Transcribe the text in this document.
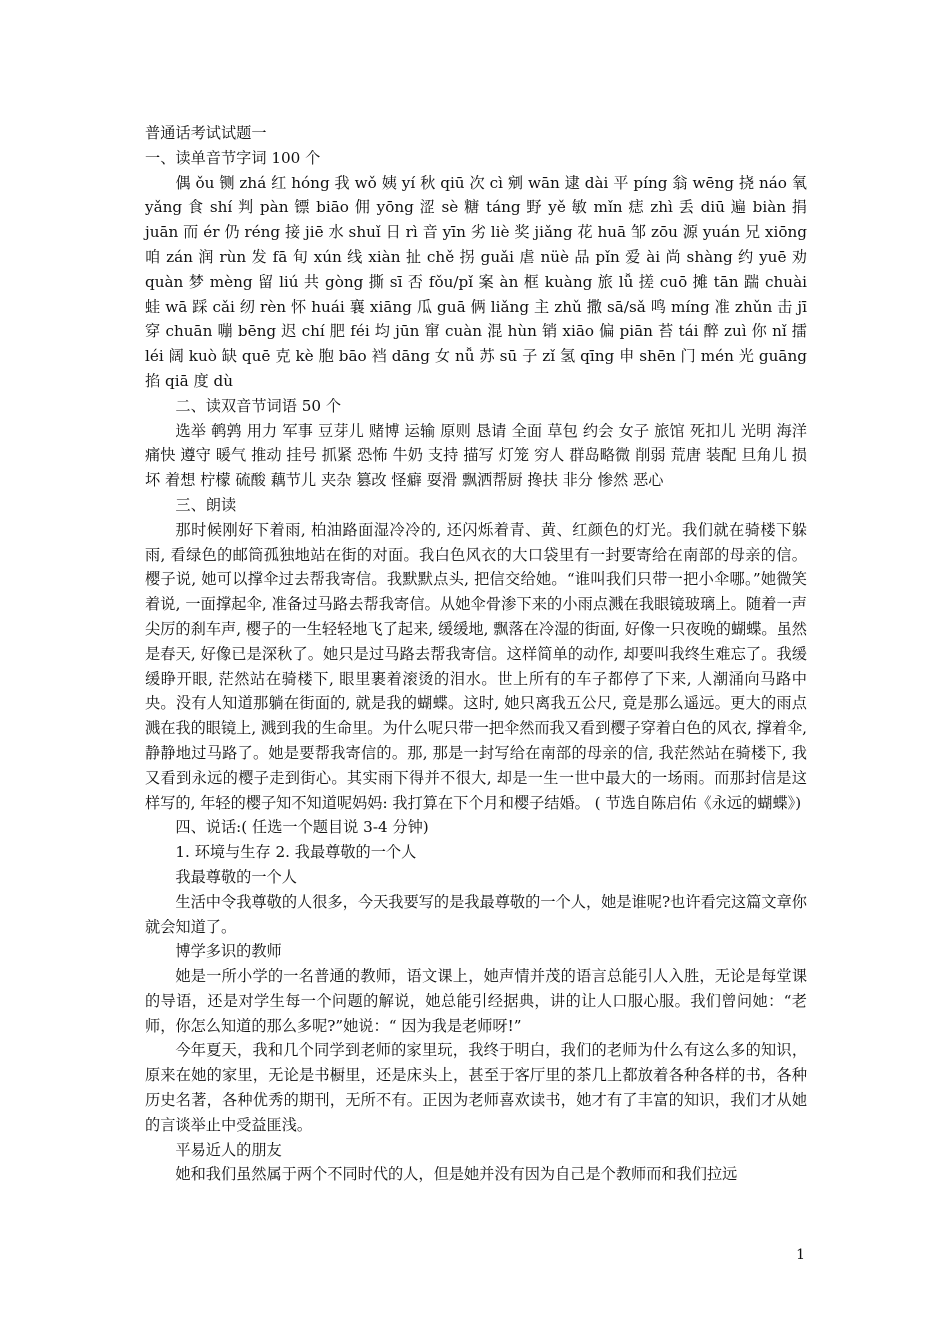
普通话考试试题一

一、读单音节字词 100 个

偶 ǒu 铡 zhá 红 hóng 我 wǒ 姨 yí 秋 qiū 次 cì 剜 wān 逮 dài 平 píng 翁 wēng 挠 náo 氧 yǎng 食 shí 判 pàn 镖 biāo 佣 yōng 涩 sè 糖 táng 野 yě 敏 mǐn 痣 zhì 丢 diū 遍 biàn 捐 juān 而 ér 仍 réng 接 jiē 水 shuǐ 日 rì 音 yīn 劣 liè 奖 jiǎng 花 huā 邹 zōu 源 yuán 兄 xiōng 咱 zán 润 rùn 发 fā 旬 xún 线 xiàn 扯 chě 拐 guǎi 虐 nüè 品 pǐn 爱 ài 尚 shàng 约 yuē 劝 quàn 梦 mèng 留 liú 共 gòng 撕 sī 否 fǒu/pǐ 案 àn 框 kuàng 旅 lǚ 搓 cuō 摊 tān 踹 chuài 蛙 wā 踩 cǎi 纫 rèn 怀 huái 襄 xiāng 瓜 guā 俩 liǎng 主 zhǔ 撒 sā/sǎ 鸣 míng 准 zhǔn 击 jī 穿 chuān 嘣 bēng 迟 chí 肥 féi 均 jūn 窜 cuàn 混 hùn 销 xiāo 偏 piān 苔 tái 醉 zuì 你 nǐ 擂 léi 阔 kuò 缺 quē 克 kè 胞 bāo 裆 dāng 女 nǚ 苏 sū 子 zǐ 氢 qīng 申 shēn 门 mén 光 guāng 掐 qiā 度 dù

二、读双音节词语 50 个

选举 鹌鹑 用力 军事 豆芽儿 赌博 运输 原则 恳请 全面 草包 约会 女子 旅馆 死扣儿 光明 海洋 痛快 遵守 暖气 推动 挂号 抓紧 恐怖 牛奶 支持 描写 灯笼 穷人 群岛略微 削弱 荒唐 装配 旦角儿 损坏 着想 柠檬 硫酸 藕节儿 夹杂 篡改 怪癖 耍滑 飘洒帮厨 搀扶 非分 惨然 恶心

三、朗读

那时候刚好下着雨, 柏油路面湿冷冷的, 还闪烁着青、黄、红颜色的灯光。我们就在骑楼下躲雨, 看绿色的邮筒孤独地站在街的对面。我白色风衣的大口袋里有一封要寄给在南部的母亲的信。樱子说, 她可以撑伞过去帮我寄信。我默默点头, 把信交给她。“谁叫我们只带一把小伞哪。”她微笑着说, 一面撑起伞, 准备过马路去帮我寄信。从她伞骨渗下来的小雨点溅在我眼镜玻璃上。随着一声尖厉的刹车声, 樱子的一生轻轻地飞了起来, 缓缓地, 飘落在冷湿的街面, 好像一只夜晚的蝴蝶。虽然是春天, 好像已是深秋了。她只是过马路去帮我寄信。这样简单的动作, 却要叫我终生难忘了。我缓缓睁开眼, 茫然站在骑楼下, 眼里裹着滚烫的泪水。世上所有的车子都停了下来, 人潮涌向马路中央。没有人知道那躺在街面的, 就是我的蝴蝶。这时, 她只离我五公尺, 竟是那么遥远。更大的雨点溅在我的眼镜上, 溅到我的生命里。为什么呢只带一把伞然而我又看到樱子穿着白色的风衣, 撑着伞, 静静地过马路了。她是要帮我寄信的。那, 那是一封写给在南部的母亲的信, 我茫然站在骑楼下, 我又看到永远的樱子走到街心。其实雨下得并不很大, 却是一生一世中最大的一场雨。而那封信是这样写的, 年轻的樱子知不知道呢妈妈: 我打算在下个月和樱子结婚。 ( 节选自陈启佑《永远的蝴蝶》)

四、说话:( 任选一个题目说 3-4 分钟)

1. 环境与生存 2. 我最尊敬的一个人

我最尊敬的一个人

生活中令我尊敬的人很多，今天我要写的是我最尊敬的一个人，她是谁呢?也许看完这篇文章你就会知道了。

博学多识的教师

她是一所小学的一名普通的教师，语文课上，她声情并茂的语言总能引人入胜，无论是每堂课的导语，还是对学生每一个问题的解说，她总能引经据典，讲的让人口服心服。我们曾问她：“老师，你怎么知道的那么多呢?”她说：“ 因为我是老师呀!”

今年夏天，我和几个同学到老师的家里玩，我终于明白，我们的老师为什么有这么多的知识，原来在她的家里，无论是书橱里，还是床头上，甚至于客厅里的茶几上都放着各种各样的书，各种历史名著，各种优秀的期刊，无所不有。正因为老师喜欢读书，她才有了丰富的知识，我们才从她的言谈举止中受益匪浅。

平易近人的朋友

她和我们虽然属于两个不同时代的人，但是她并没有因为自己是个教师而和我们拉远

1
